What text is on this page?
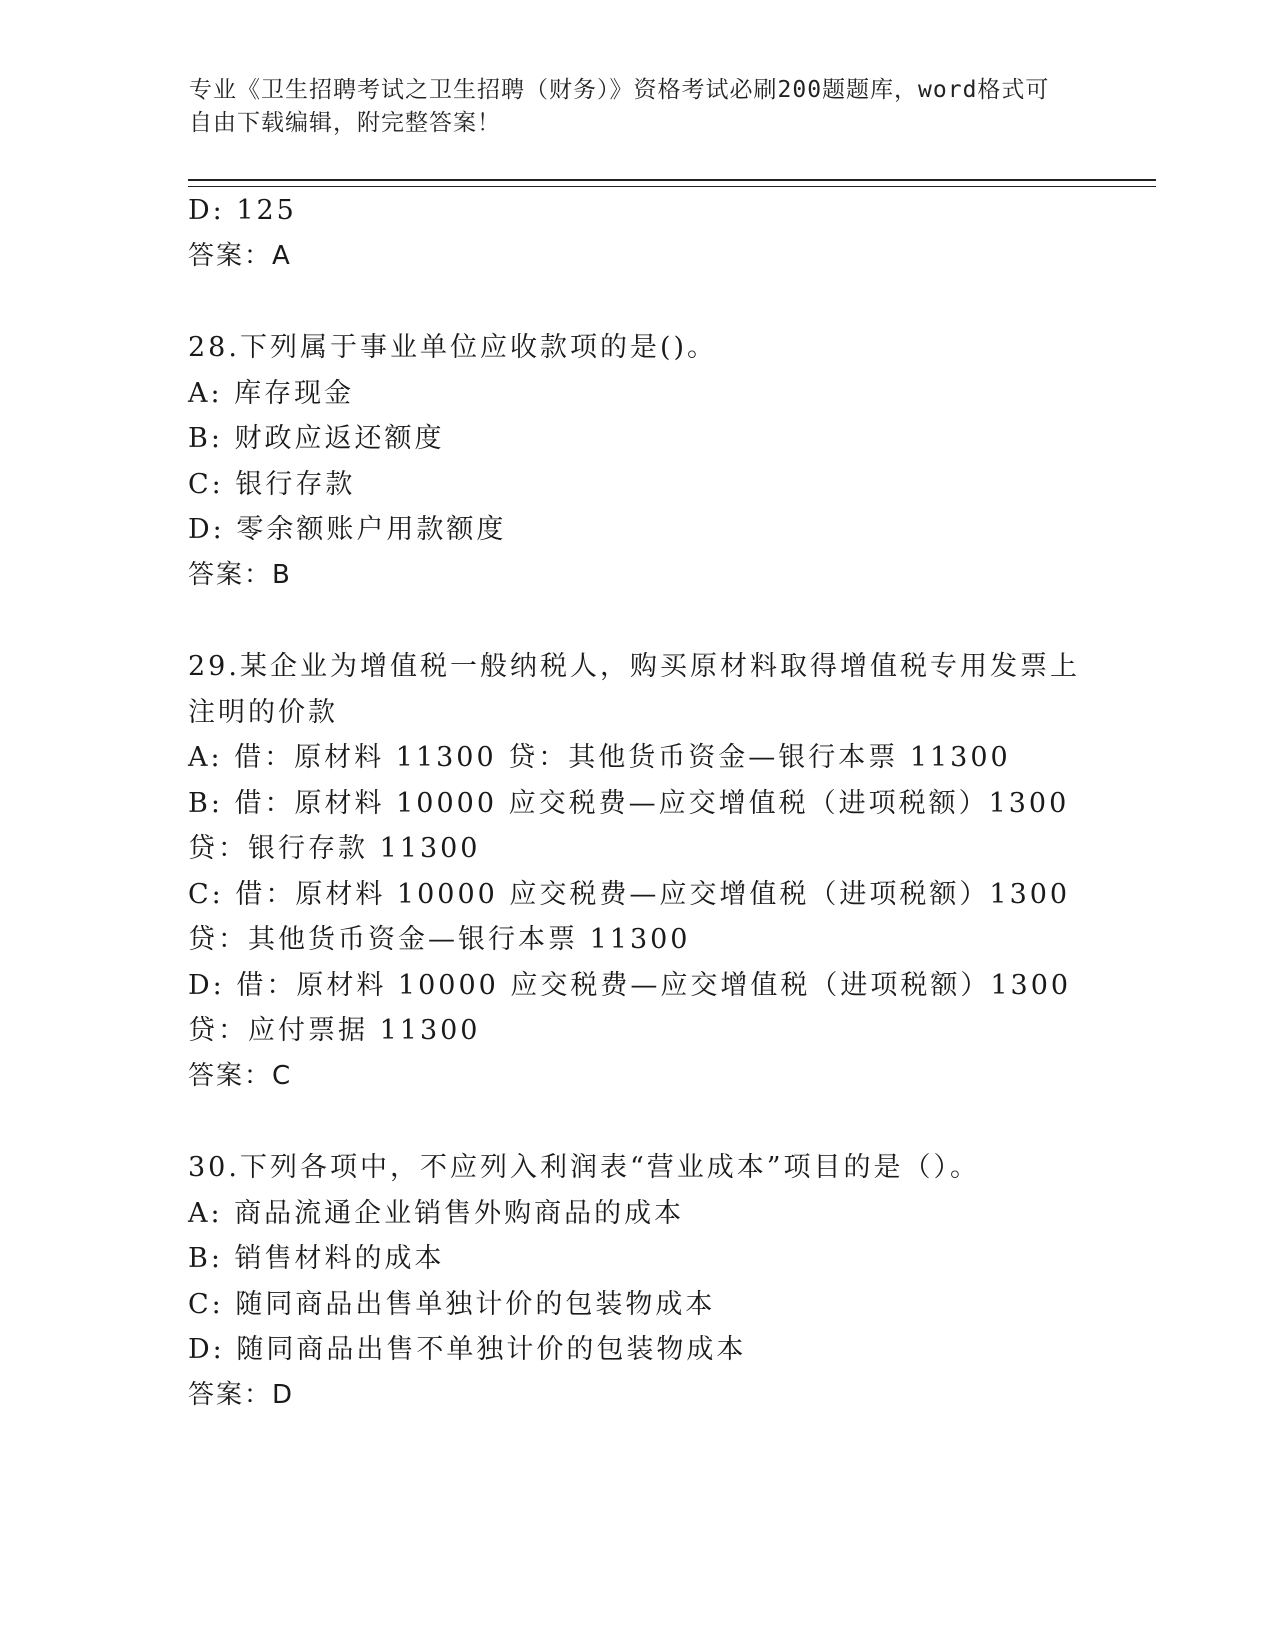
专业《卫生招聘考试之卫生招聘（财务）》资格考试必刷200题题库，word格式可自由下载编辑，附完整答案！
D: 125
答案：A
28.下列属于事业单位应收款项的是()。
A: 库存现金
B: 财政应返还额度
C: 银行存款
D: 零余额账户用款额度
答案：B
29.某企业为增值税一般纳税人，购买原材料取得增值税专用发票上注明的价款
A: 借：原材料 11300 贷：其他货币资金—银行本票 11300
B: 借：原材料 10000 应交税费—应交增值税（进项税额）1300 贷：银行存款 11300
C: 借：原材料 10000 应交税费—应交增值税（进项税额）1300 贷：其他货币资金—银行本票 11300
D: 借：原材料 10000 应交税费—应交增值税（进项税额）1300 贷：应付票据 11300
答案：C
30.下列各项中，不应列入利润表“营业成本”项目的是（）。
A: 商品流通企业销售外购商品的成本
B: 销售材料的成本
C: 随同商品出售单独计价的包装物成本
D: 随同商品出售不单独计价的包装物成本
答案：D
